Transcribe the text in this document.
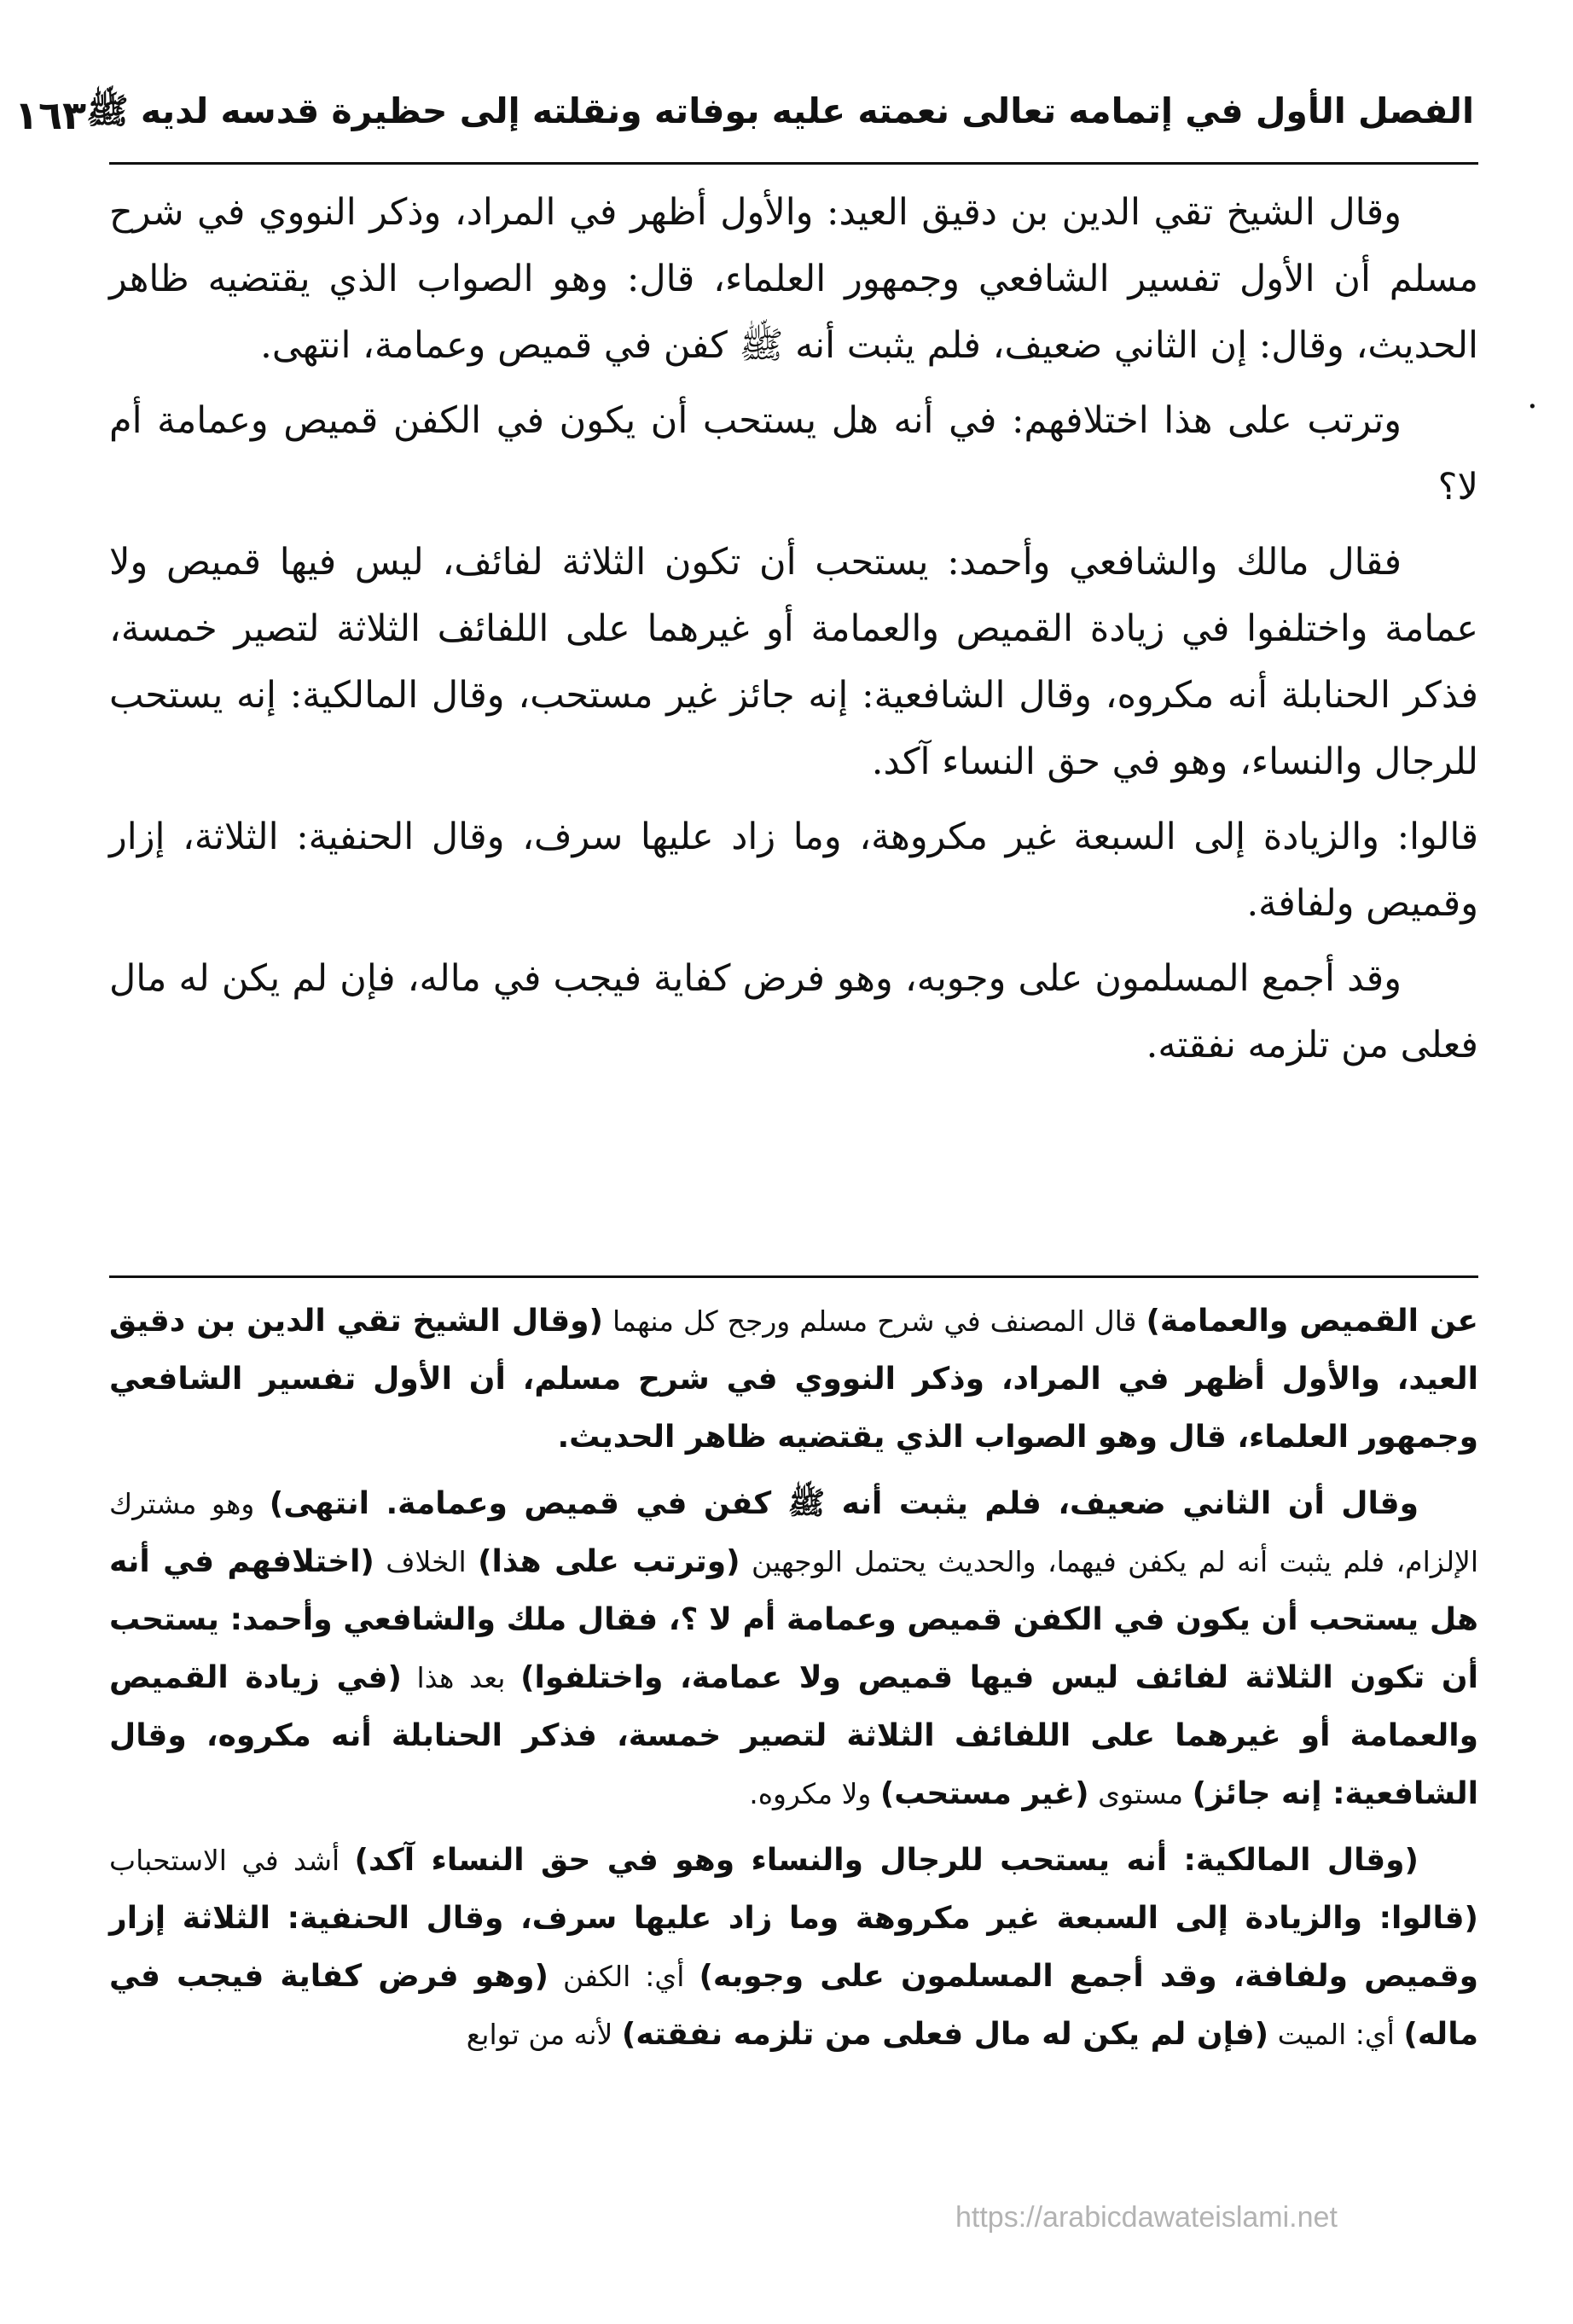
الفصل الأول في إتمامه تعالى نعمته عليه بوفاته ونقلته إلى حظيرة قدسه لديه ﷺ
١٦٣

وقال الشيخ تقي الدين بن دقيق العيد: والأول أظهر في المراد، وذكر النووي في شرح مسلم أن الأول تفسير الشافعي وجمهور العلماء، قال: وهو الصواب الذي يقتضيه ظاهر الحديث، وقال: إن الثاني ضعيف، فلم يثبت أنه ﷺ كفن في قميص وعمامة، انتهى.

وترتب على هذا اختلافهم: في أنه هل يستحب أن يكون في الكفن قميص وعمامة أم لا؟

فقال مالك والشافعي وأحمد: يستحب أن تكون الثلاثة لفائف، ليس فيها قميص ولا عمامة واختلفوا في زيادة القميص والعمامة أو غيرهما على اللفائف الثلاثة لتصير خمسة، فذكر الحنابلة أنه مكروه، وقال الشافعية: إنه جائز غير مستحب، وقال المالكية: إنه يستحب للرجال والنساء، وهو في حق النساء آكد.

قالوا: والزيادة إلى السبعة غير مكروهة، وما زاد عليها سرف، وقال الحنفية: الثلاثة، إزار وقميص ولفافة.

وقد أجمع المسلمون على وجوبه، وهو فرض كفاية فيجب في ماله، فإن لم يكن له مال فعلى من تلزمه نفقته.

.

عن القميص والعمامة) قال المصنف في شرح مسلم ورجح كل منهما (وقال الشيخ تقي الدين بن دقيق العيد، والأول أظهر في المراد، وذكر النووي في شرح مسلم، أن الأول تفسير الشافعي وجمهور العلماء، قال وهو الصواب الذي يقتضيه ظاهر الحديث.

وقال أن الثاني ضعيف، فلم يثبت أنه ﷺ كفن في قميص وعمامة. انتهى) وهو مشترك الإلزام، فلم يثبت أنه لم يكفن فيهما، والحديث يحتمل الوجهين (وترتب على هذا) الخلاف (اختلافهم في أنه هل يستحب أن يكون في الكفن قميص وعمامة أم لا ؟، فقال ملك والشافعي وأحمد: يستحب أن تكون الثلاثة لفائف ليس فيها قميص ولا عمامة، واختلفوا) بعد هذا (في زيادة القميص والعمامة أو غيرهما على اللفائف الثلاثة لتصير خمسة، فذكر الحنابلة أنه مكروه، وقال الشافعية: إنه جائز) مستوى (غير مستحب) ولا مكروه.

(وقال المالكية: أنه يستحب للرجال والنساء وهو في حق النساء آكد) أشد في الاستحباب (قالوا: والزيادة إلى السبعة غير مكروهة وما زاد عليها سرف، وقال الحنفية: الثلاثة إزار وقميص ولفافة، وقد أجمع المسلمون على وجوبه) أي: الكفن (وهو فرض كفاية فيجب في ماله) أي: الميت (فإن لم يكن له مال فعلى من تلزمه نفقته) لأنه من توابع

https://arabicdawateislami.net
